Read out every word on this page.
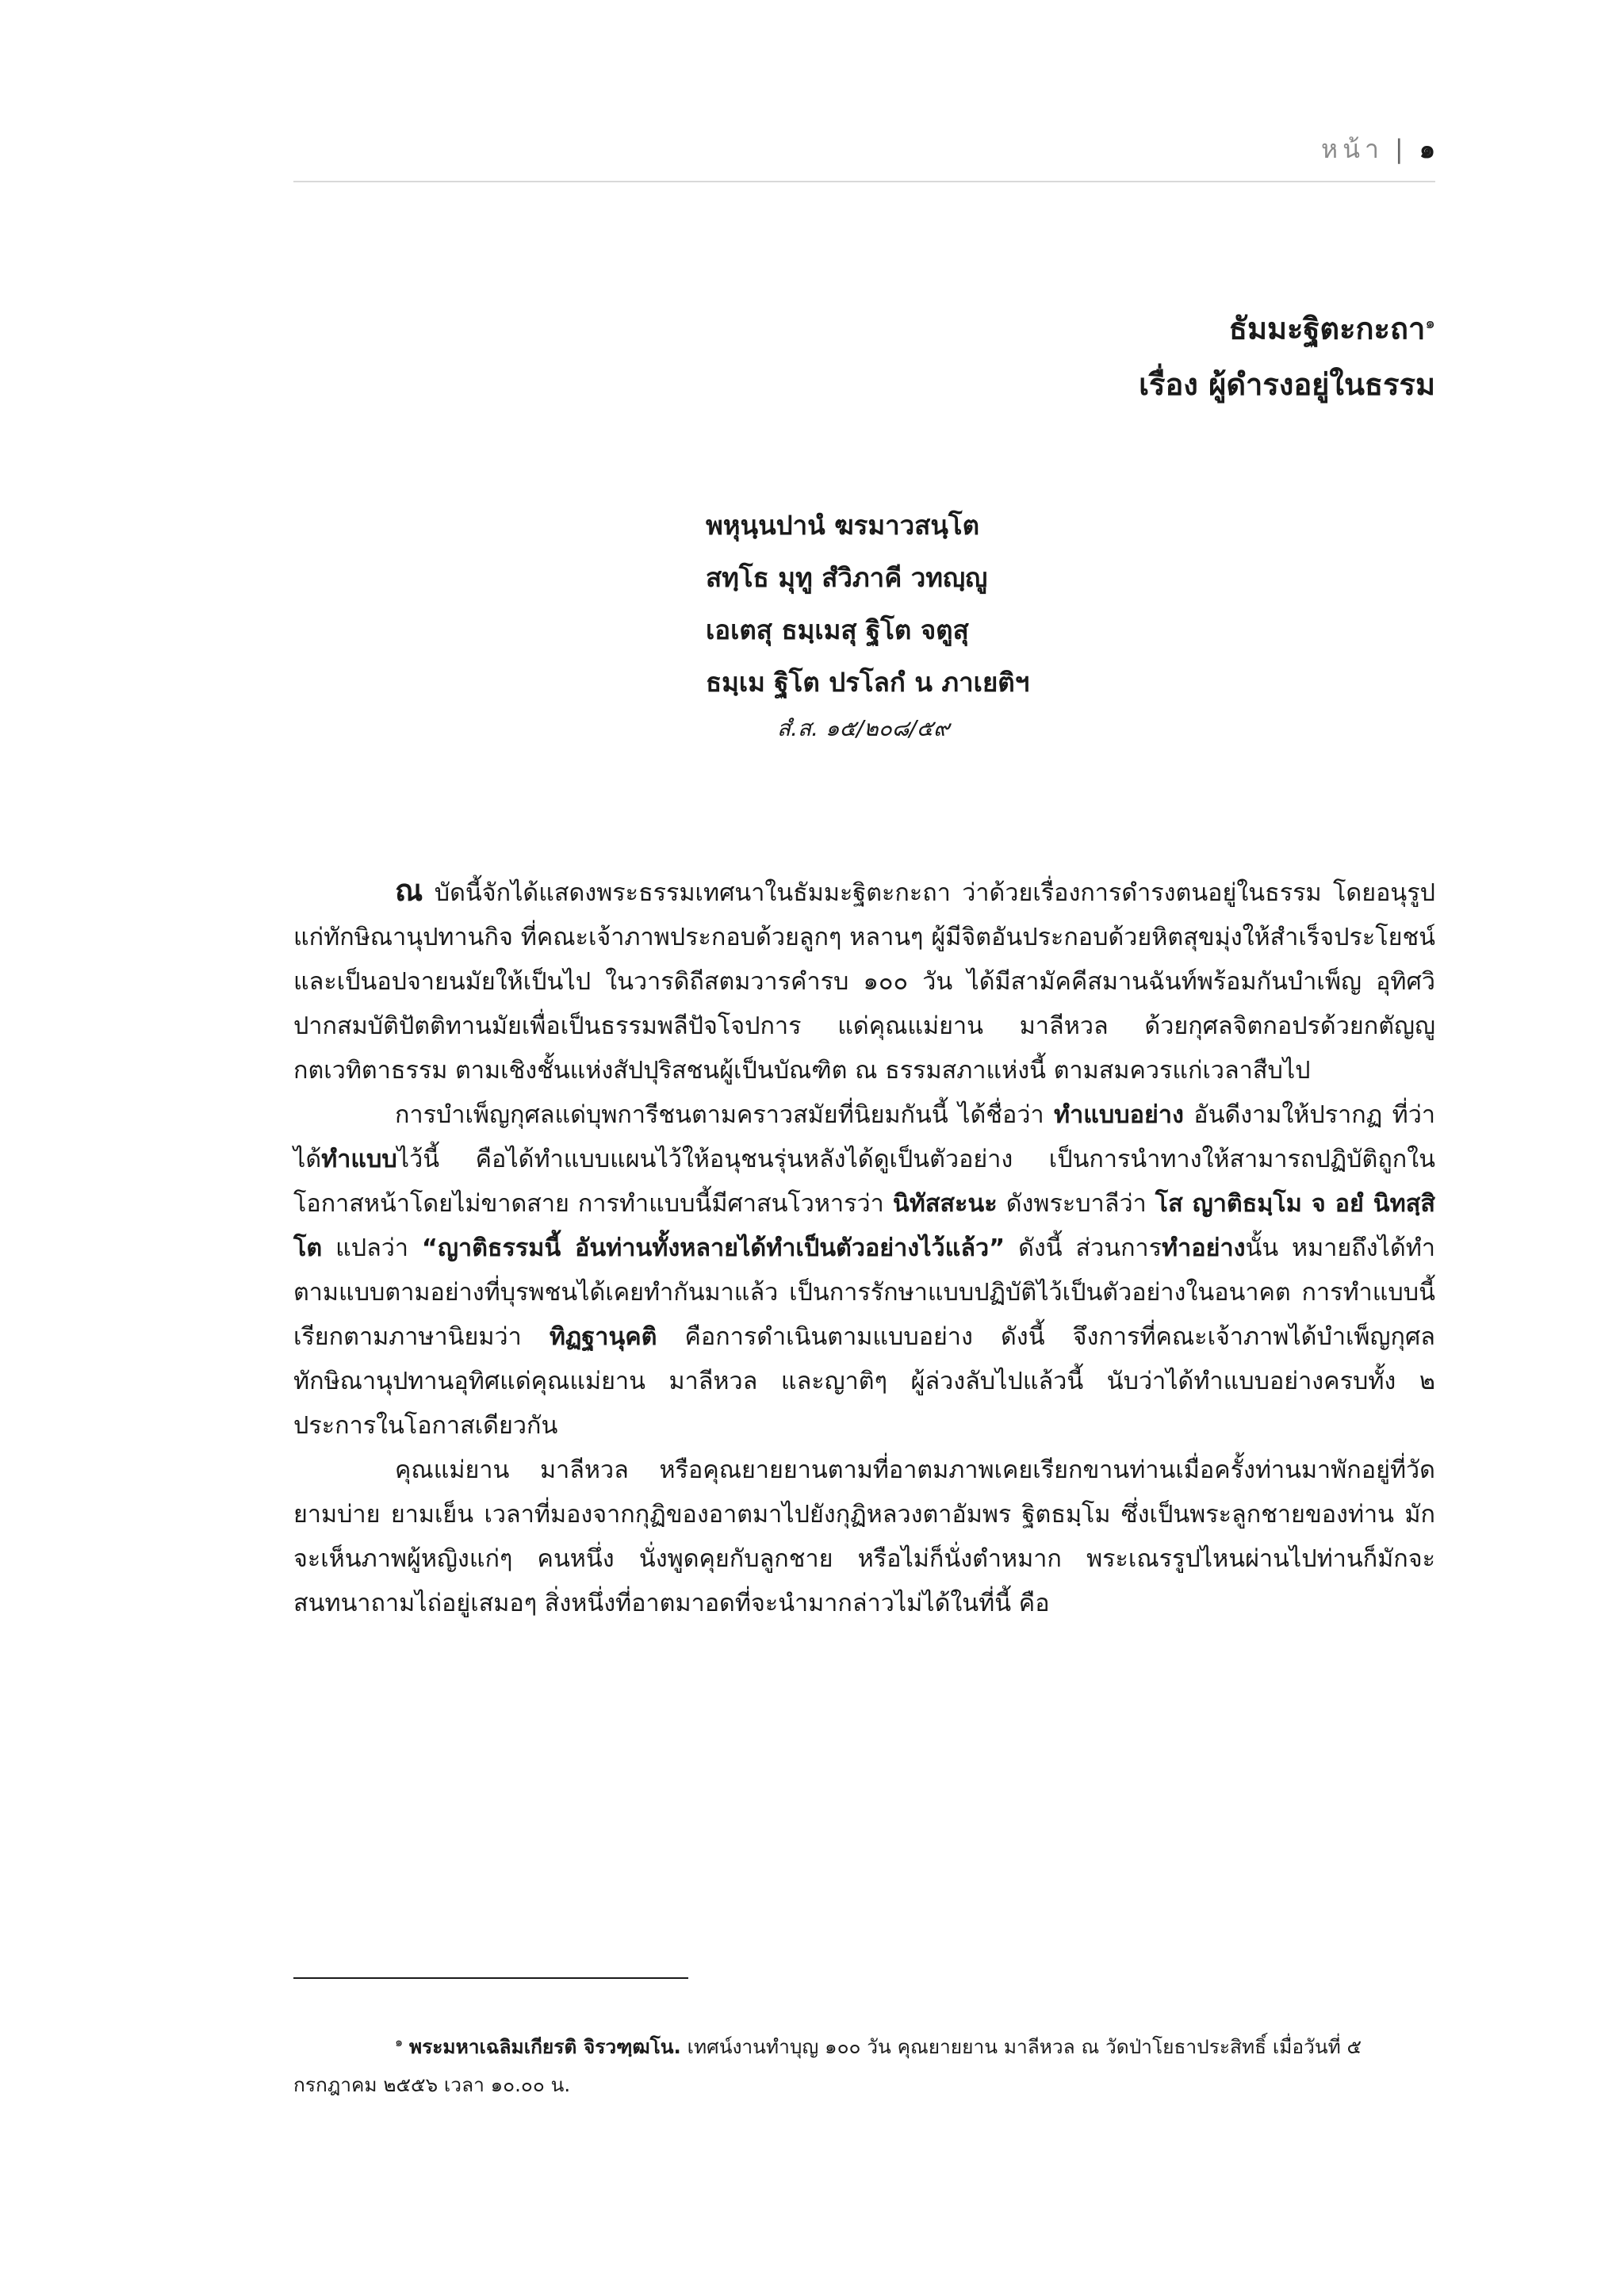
หน้า | ๑
ธัมมะฐิตะกะถา$^๑$
เรื่อง ผู้ดำรงอยู่ในธรรม
พหุนฺนปานํ ฆรมาวสนฺโต
สทฺโธ มุทู สํวิภาคี วทญฺญู
เอเตสุ ธมฺเมสุ ฐิโต จตูสุ
ธมฺเม ฐิโต ปรโลกํ น ภาเยติฯ
สํ.ส. ๑๕/๒๐๘/๕๙

ณ บัดนี้จักได้แสดงพระธรรมเทศนาในธัมมะฐิตะกะถา ว่าด้วยเรื่องการดำรงตนอยู่ในธรรม โดยอนุรูปแก่ทักษิณานุปทานกิจ ที่คณะเจ้าภาพประกอบด้วยลูกๆ หลานๆ ผู้มีจิตอันประกอบด้วยหิตสุขมุ่งให้สำเร็จประโยชน์ และเป็นอปจายนมัยให้เป็นไป ในวารดิถีสตมวารคำรบ ๑๐๐ วัน ได้มีสามัคคีสมานฉันท์พร้อมกันบำเพ็ญ อุทิศวิปากสมบัติปัตติทานมัยเพื่อเป็นธรรมพลีปัจโจปการ แด่คุณแม่ยาน มาลีหวล ด้วยกุศลจิตกอปรด้วยกตัญญูกตเวทิตาธรรม ตามเชิงชั้นแห่งสัปปุริสชนผู้เป็นบัณฑิต ณ ธรรมสภาแห่งนี้ ตามสมควรแก่เวลาสืบไป

การบำเพ็ญกุศลแด่บุพการีชนตามคราวสมัยที่นิยมกันนี้ ได้ชื่อว่า ทำแบบอย่าง อันดีงามให้ปรากฏ ที่ว่าได้ทำแบบไว้นี้ คือได้ทำแบบแผนไว้ให้อนุชนรุ่นหลังได้ดูเป็นตัวอย่าง เป็นการนำทางให้สามารถปฏิบัติถูกในโอกาสหน้าโดยไม่ขาดสาย การทำแบบนี้มีศาสนโวหารว่า นิทัสสะนะ ดังพระบาลีว่า โส ญาติธมฺโม จ อยํ นิทสฺสิโต แปลว่า “ญาติธรรมนี้ อันท่านทั้งหลายได้ทำเป็นตัวอย่างไว้แล้ว” ดังนี้ ส่วนการทำอย่างนั้น หมายถึงได้ทำตามแบบตามอย่างที่บุรพชนได้เคยทำกันมาแล้ว เป็นการรักษาแบบปฏิบัติไว้เป็นตัวอย่างในอนาคต การทำแบบนี้เรียกตามภาษานิยมว่า ทิฏฐานุคติ คือการดำเนินตามแบบอย่าง ดังนี้ จึงการที่คณะเจ้าภาพได้บำเพ็ญกุศลทักษิณานุปทานอุทิศแด่คุณแม่ยาน มาลีหวล และญาติๆ ผู้ล่วงลับไปแล้วนี้ นับว่าได้ทำแบบอย่างครบทั้ง ๒ ประการในโอกาสเดียวกัน

คุณแม่ยาน มาลีหวล หรือคุณยายยานตามที่อาตมภาพเคยเรียกขานท่านเมื่อครั้งท่านมาพักอยู่ที่วัด ยามบ่าย ยามเย็น เวลาที่มองจากกุฏิของอาตมาไปยังกุฏิหลวงตาอัมพร ฐิตธมฺโม ซึ่งเป็นพระลูกชายของท่าน มักจะเห็นภาพผู้หญิงแก่ๆ คนหนึ่ง นั่งพูดคุยกับลูกชาย หรือไม่ก็นั่งตำหมาก พระเณรรูปไหนผ่านไปท่านก็มักจะสนทนาถามไถ่อยู่เสมอๆ สิ่งหนึ่งที่อาตมาอดที่จะนำมากล่าวไม่ได้ในที่นี้ คือ

$^๑$ พระมหาเฉลิมเกียรติ จิรวฑฺฒโน. เทศน์งานทำบุญ ๑๐๐ วัน คุณยายยาน มาลีหวล ณ วัดป่าโยธาประสิทธิ์ เมื่อวันที่ ๕ กรกฎาคม ๒๕๕๖ เวลา ๑๐.๐๐ น.
